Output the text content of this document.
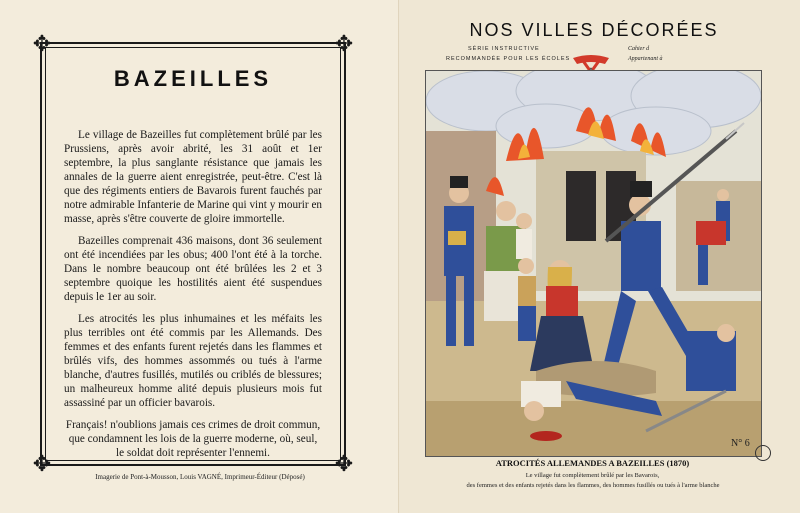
✥	✥
✥	✥
BAZEILLES

Le village de Bazeilles fut complètement brûlé par les Prussiens, après avoir abrité, les 31 août et 1er septembre, la plus sanglante résistance que jamais les annales de la guerre aient enregistrée, peut-être. C'est là que des régiments entiers de Bavarois furent fauchés par notre admirable Infanterie de Marine qui vint y mourir en masse, après s'être couverte de gloire immortelle.

Bazeilles comprenait 436 maisons, dont 36 seulement ont été incendiées par les obus; 400 l'ont été à la torche. Dans le nombre beaucoup ont été brûlées les 2 et 3 septembre quoique les hostilités aient été suspendues depuis le 1er au soir.

Les atrocités les plus inhumaines et les méfaits les plus terribles ont été commis par les Allemands. Des femmes et des enfants furent rejetés dans les flammes et brûlés vifs, des hommes assommés ou tués à l'arme blanche, d'autres fusillés, mutilés ou criblés de blessures; un malheureux homme alité depuis plusieurs mois fut assassiné par un officier bavarois.

Français! n'oublions jamais ces crimes de droit commun, que condamnent les lois de la guerre moderne, où, seul, le soldat doit représenter l'ennemi.

Imagerie de Pont-à-Mousson, Louis VAGNÉ, Imprimeur-Éditeur (Déposé)
NOS VILLES DÉCORÉES
SÉRIE INSTRUCTIVE
RECOMMANDÉE POUR LES ÉCOLES
Cahier d
Appartenant à
N° 6
ATROCITÉS ALLEMANDES A BAZEILLES (1870)
Le village fut complètement brûlé par les Bavarois,
des femmes et des enfants rejetés dans les flammes, des hommes fusillés ou tués à l'arme blanche
